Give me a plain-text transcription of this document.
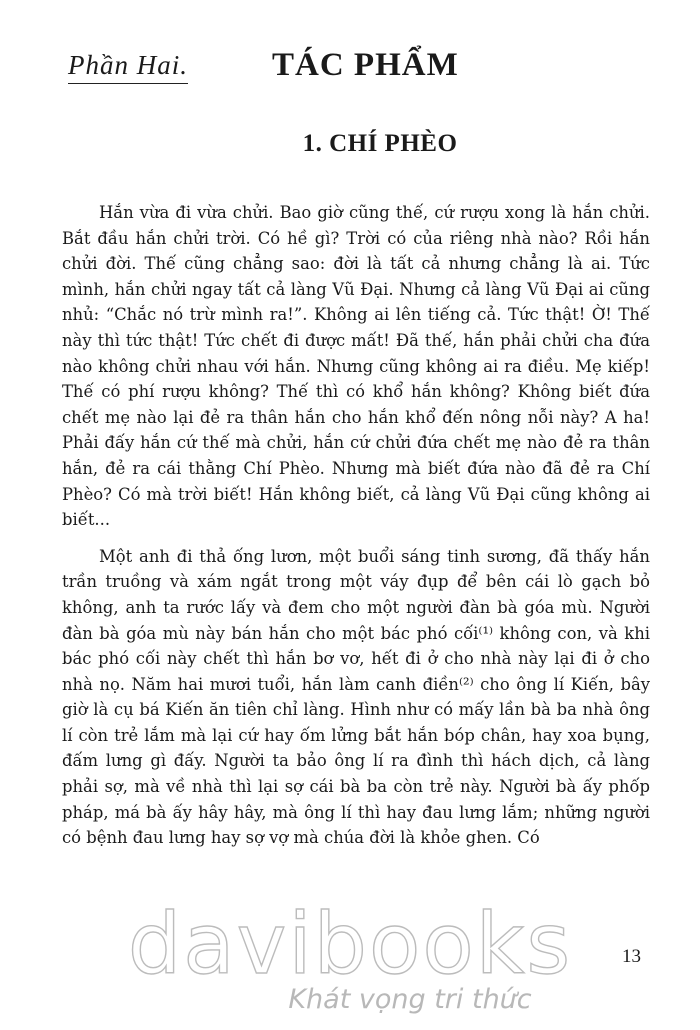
Phần Hai.	TÁC PHẨM
1. CHÍ PHÈO

Hắn vừa đi vừa chửi. Bao giờ cũng thế, cứ rượu xong là hắn chửi. Bắt đầu hắn chửi trời. Có hề gì? Trời có của riêng nhà nào? Rồi hắn chửi đời. Thế cũng chẳng sao: đời là tất cả nhưng chẳng là ai. Tức mình, hắn chửi ngay tất cả làng Vũ Đại. Nhưng cả làng Vũ Đại ai cũng nhủ: “Chắc nó trừ mình ra!”. Không ai lên tiếng cả. Tức thật! Ờ! Thế này thì tức thật! Tức chết đi được mất! Đã thế, hắn phải chửi cha đứa nào không chửi nhau với hắn. Nhưng cũng không ai ra điều. Mẹ kiếp! Thế có phí rượu không? Thế thì có khổ hắn không? Không biết đứa chết mẹ nào lại đẻ ra thân hắn cho hắn khổ đến nông nỗi này? A ha! Phải đấy hắn cứ thế mà chửi, hắn cứ chửi đứa chết mẹ nào đẻ ra thân hắn, đẻ ra cái thằng Chí Phèo. Nhưng mà biết đứa nào đã đẻ ra Chí Phèo? Có mà trời biết! Hắn không biết, cả làng Vũ Đại cũng không ai biết...

Một anh đi thả ống lươn, một buổi sáng tinh sương, đã thấy hắn trần truồng và xám ngắt trong một váy đụp để bên cái lò gạch bỏ không, anh ta rước lấy và đem cho một người đàn bà góa mù. Người đàn bà góa mù này bán hắn cho một bác phó cối⁽¹⁾ không con, và khi bác phó cối này chết thì hắn bơ vơ, hết đi ở cho nhà này lại đi ở cho nhà nọ. Năm hai mươi tuổi, hắn làm canh điền⁽²⁾ cho ông lí Kiến, bây giờ là cụ bá Kiến ăn tiên chỉ làng. Hình như có mấy lần bà ba nhà ông lí còn trẻ lắm mà lại cứ hay ốm lửng bắt hắn bóp chân, hay xoa bụng, đấm lưng gì đấy. Người ta bảo ông lí ra đình thì hách dịch, cả làng phải sợ, mà về nhà thì lại sợ cái bà ba còn trẻ này. Người bà ấy phốp pháp, má bà ấy hây hây, mà ông lí thì hay đau lưng lắm; những người có bệnh đau lưng hay sợ vợ mà chúa đời là khỏe ghen. Có

13
davibooks
Khát vọng tri thức
